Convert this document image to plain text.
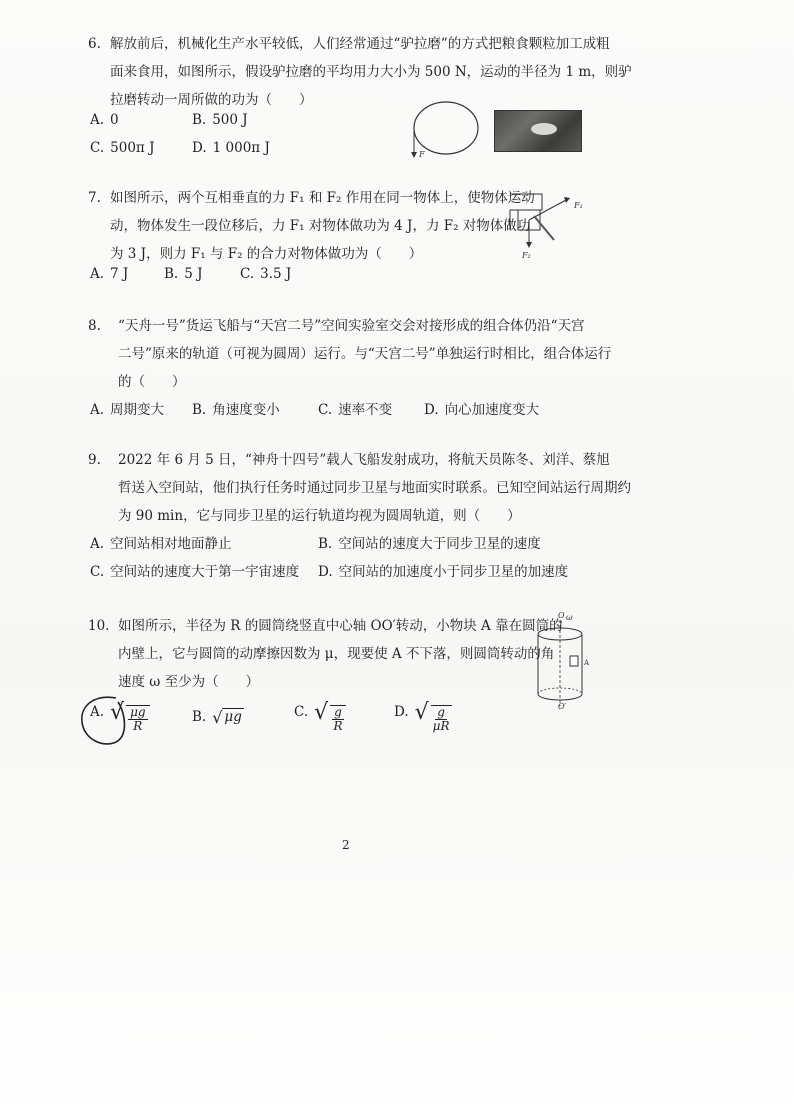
6. 解放前后，机械化生产水平较低，人们经常通过“驴拉磨”的方式把粮食颗粒加工成粗
面来食用，如图所示，假设驴拉磨的平均用力大小为 500 N，运动的半径为 1 m，则驴
拉磨转动一周所做的功为（　　）
A. 0	B. 500 J
C. 500π J	D. 1 000π J	F
7. 如图所示，两个互相垂直的力 F₁ 和 F₂ 作用在同一物体上，使物体运动
动，物体发生一段位移后，力 F₁ 对物体做功为 4 J，力 F₂ 对物体做功
为 3 J，则力 F₁ 与 F₂ 的合力对物体做功为（　　）
A. 7 J	B. 5 J	C. 3.5 J
F₁
F₂
8. “天舟一号”货运飞船与“天宫二号”空间实验室交会对接形成的组合体仍沿“天宫
二号”原来的轨道（可视为圆周）运行。与“天宫二号”单独运行时相比，组合体运行
的（　　）
A. 周期变大 B. 角速度变小	C. 速率不变 D. 向心加速度变大
9. 2022 年 6 月 5 日，“神舟十四号”载人飞船发射成功，将航天员陈冬、刘洋、蔡旭
哲送入空间站，他们执行任务时通过同步卫星与地面实时联系。已知空间站运行周期约
为 90 min，它与同步卫星的运行轨道均视为圆周轨道，则（　　）
A. 空间站相对地面静止	B. 空间站的速度大于同步卫星的速度
C. 空间站的速度大于第一宇宙速度 D. 空间站的加速度小于同步卫星的加速度
10. 如图所示，半径为 R 的圆筒绕竖直中心轴 OO′转动，小物块 A 靠在圆筒的
内壁上，它与圆筒的动摩擦因数为 μ，现要使 A 不下落，则圆筒转动的角
速度 ω 至少为（　　）
O ω
A
O′
A. √ $\frac{\mu g}{R}$	B. √ μg	C. √ $\frac{g}{R}$	D. √ $\frac{g}{\mu R}$
2
